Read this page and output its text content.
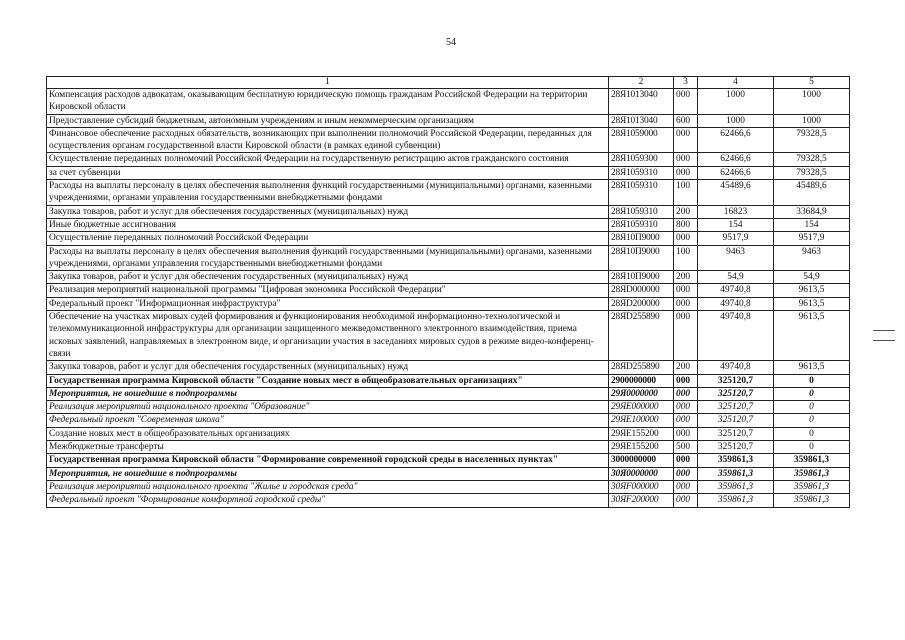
54
1	2	3	4	5
Компенсация расходов адвокатам, оказывающим бесплатную юридическую помощь гражданам Российской Федерации на территории Кировской области	28Я1013040	000	1000	1000
Предоставление субсидий бюджетным, автономным учреждениям и иным некоммерческим организациям	28Я1013040	600	1000	1000
Финансовое обеспечение расходных обязательств, возникающих при выполнении полномочий Российской Федерации, переданных для осуществления органам государственной власти Кировской области (в рамках единой субвенции)	28Я1059000	000	62466,6	79328,5
Осуществление переданных полномочий Российской Федерации на государственную регистрацию актов гражданского состояния	28Я1059300	000	62466,6	79328,5
за счет субвенции	28Я1059310	000	62466,6	79328,5
Расходы на выплаты персоналу в целях обеспечения выполнения функций государственными (муниципальными) органами, казенными учреждениями, органами управления государственными внебюджетными фондами	28Я1059310	100	45489,6	45489,6
Закупка товаров, работ и услуг для обеспечения государственных (муниципальных) нужд	28Я1059310	200	16823	33684,9
Иные бюджетные ассигнования	28Я1059310	800	154	154
Осуществление переданных полномочий Российской Федерации	28Я10П9000	000	9517,9	9517,9
Расходы на выплаты персоналу в целях обеспечения выполнения функций государственными (муниципальными) органами, казенными учреждениями, органами управления государственными внебюджетными фондами	28Я10П9000	100	9463	9463
Закупка товаров, работ и услуг для обеспечения государственных (муниципальных) нужд	28Я10П9000	200	54,9	54,9
Реализация мероприятий национальной программы "Цифровая экономика Российской Федерации"	28ЯD000000	000	49740,8	9613,5
Федеральный проект "Информационная инфраструктура"	28ЯD200000	000	49740,8	9613,5
Обеспечение на участках мировых судей формирования и функционирования необходимой информационно-технологической и телекоммуникационной инфраструктуры для организации защищенного межведомственного электронного взаимодействия, приема исковых заявлений, направляемых в электронном виде, и организации участия в заседаниях мировых судов в режиме видео-конференц-связи	28ЯD255890	000	49740,8	9613,5
Закупка товаров, работ и услуг для обеспечения государственных (муниципальных) нужд	28ЯD255890	200	49740,8	9613,5
Государственная программа Кировской области "Создание новых мест в общеобразовательных организациях"	2900000000	000	325120,7	0
Мероприятия, не вошедшие в подпрограммы	29Я0000000	000	325120,7	0
Реализация мероприятий национального проекта "Образование"	29ЯЕ000000	000	325120,7	0
Федеральный проект "Современная школа"	29ЯЕ100000	000	325120,7	0
Создание новых мест в общеобразовательных организациях	29ЯЕ155200	000	325120,7	0
Межбюджетные трансферты	29ЯЕ155200	500	325120,7	0
Государственная программа Кировской области "Формирование современной городской среды в населенных пунктах"	3000000000	000	359861,3	359861,3
Мероприятия, не вошедшие в подпрограммы	30Я0000000	000	359861,3	359861,3
Реализация мероприятий национального проекта "Жилье и городская среда"	30ЯF000000	000	359861,3	359861,3
Федеральный проект "Формирование комфортной городской среды"	30ЯF200000	000	359861,3	359861,3
